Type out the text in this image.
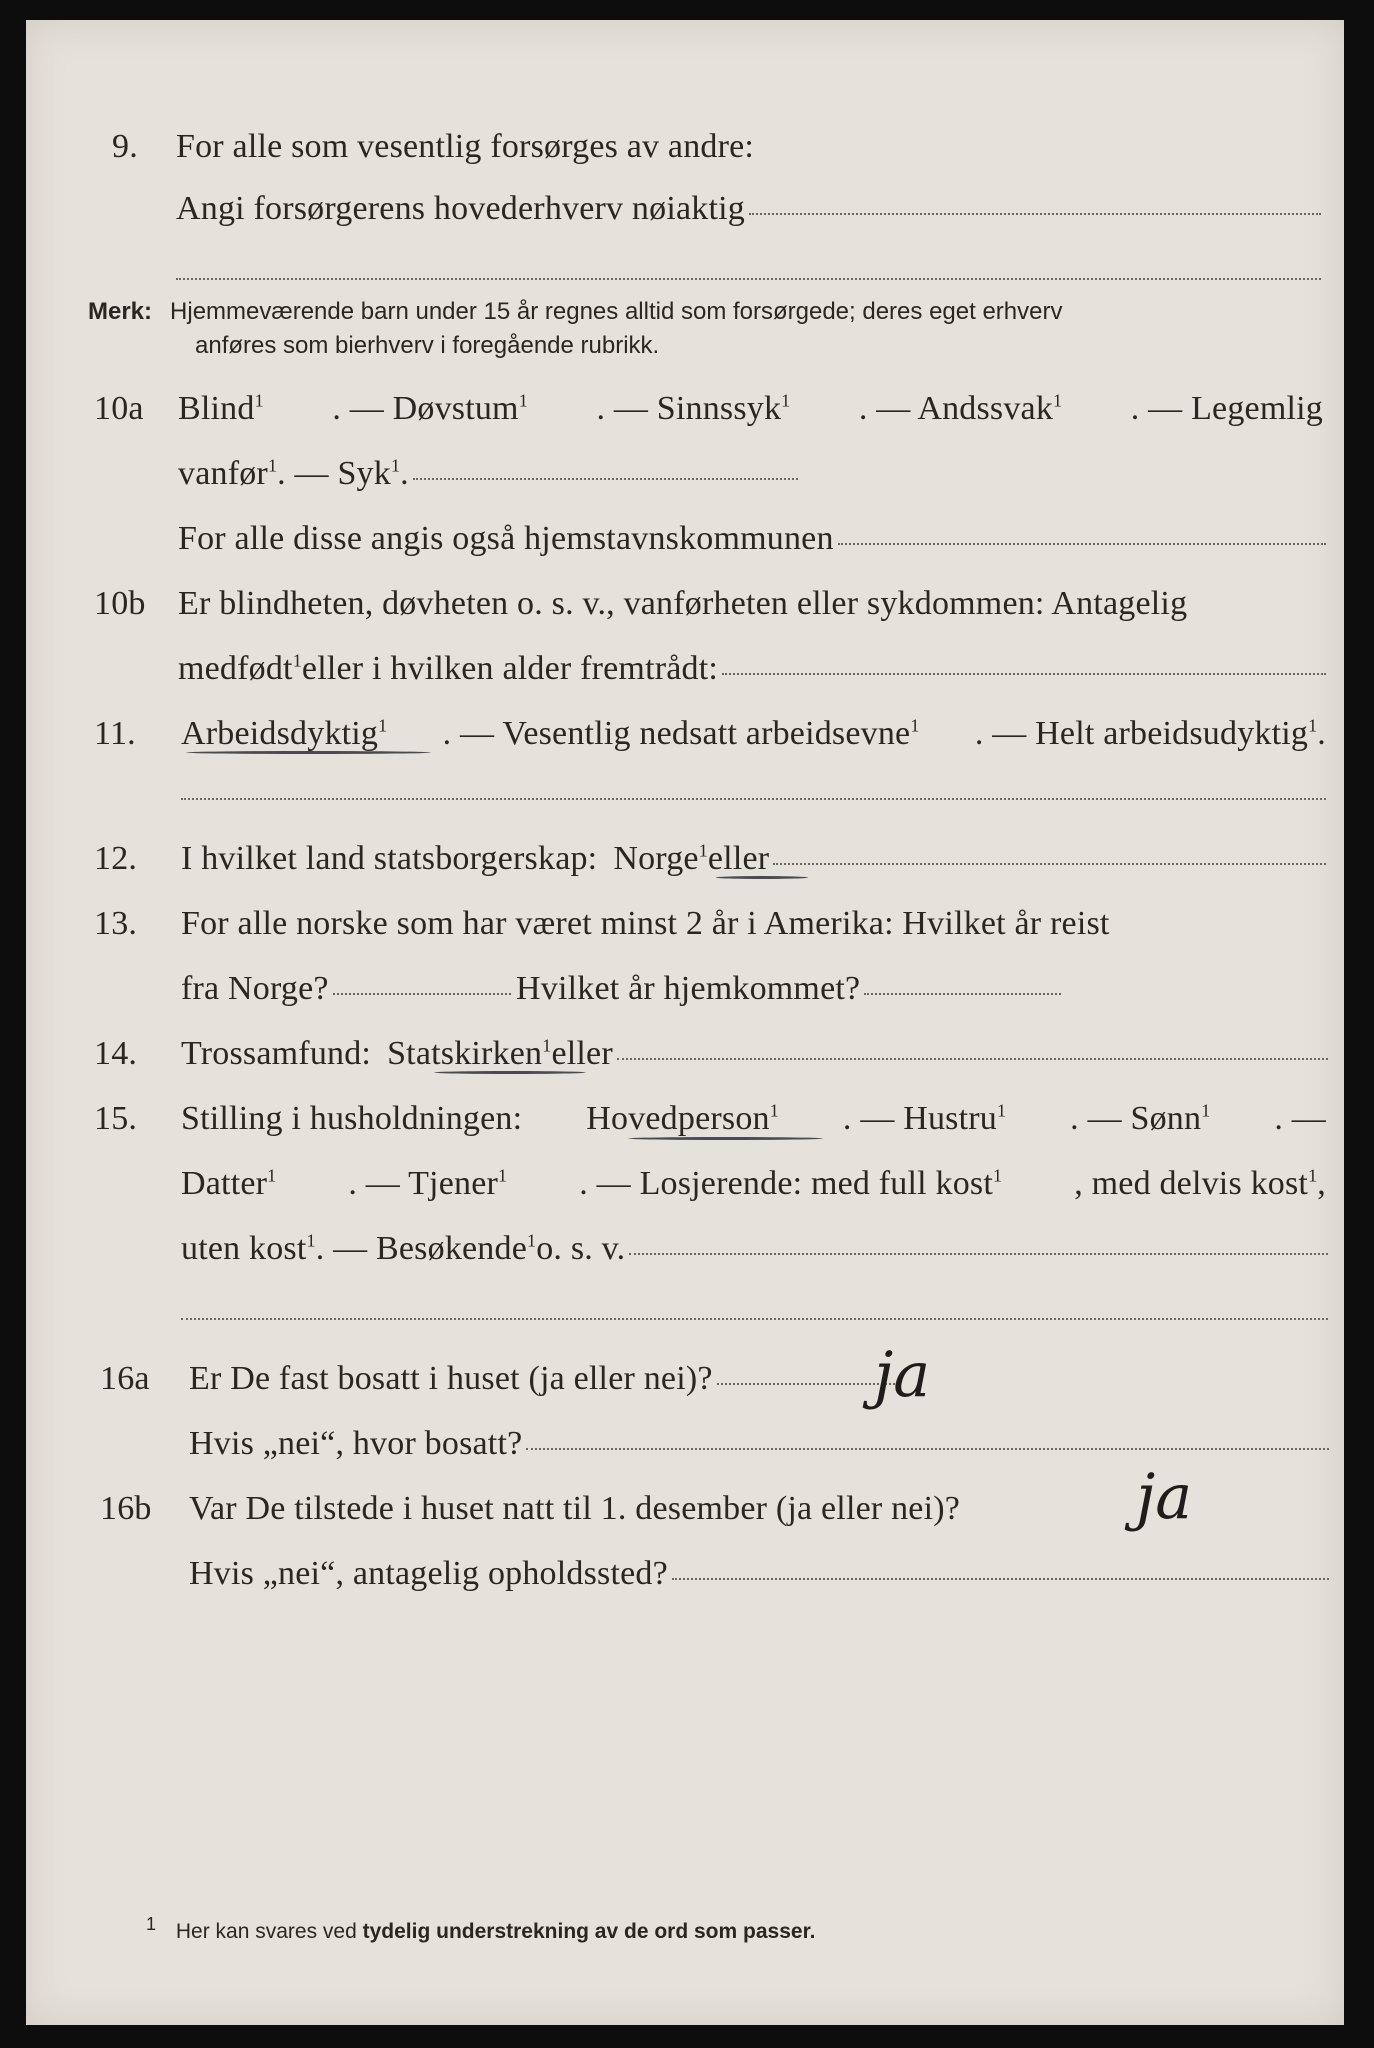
9.	For alle som vesentlig forsørges av andre:
Angi forsørgerens hovederhverv nøiaktig
Merk: Hjemmeværende barn under 15 år regnes alltid som forsørgede; deres eget erhverv
anføres som bierhverv i foregående rubrikk.
10a	Blind$^1$ . — Døvstum$^1$ . — Sinnssyk$^1$ . — Andssvak$^1$ . — Legemlig
vanfør$^1$ . — Syk$^1$ .
For alle disse angis også hjemstavnskommunen
10b Er blindheten, døvheten o. s. v., vanførheten eller sykdommen: Antagelig
medfødt$^1$ eller i hvilken alder fremtrådt:
11.	Arbeidsdyktig$^1$ . — Vesentlig nedsatt arbeidsevne$^1$ . — Helt arbeidsudyktig$^1$.
12.	I hvilket land statsborgerskap: Norge$^1$ eller
13.	For alle norske som har været minst 2 år i Amerika: Hvilket år reist
fra Norge?	Hvilket år hjemkommet?
14.	Trossamfund: Statskirken$^1$ eller
15.	Stilling i husholdningen: Hovedperson$^1$ . — Hustru$^1$ . — Sønn$^1$ . —
Datter$^1$ . — Tjener$^1$ . — Losjerende: med full kost$^1$ , med delvis kost$^1$,
uten kost$^1$ . — Besøkende$^1$ o. s. v.
16a	Er De fast bosatt i huset (ja eller nei)?	ja
Hvis „nei“, hvor bosatt?
16b	Var De tilstede i huset natt til 1. desember (ja eller nei)?	ja
Hvis „nei“, antagelig opholdssted?
$^1$ Her kan svares ved tydelig understrekning av de ord som passer.
